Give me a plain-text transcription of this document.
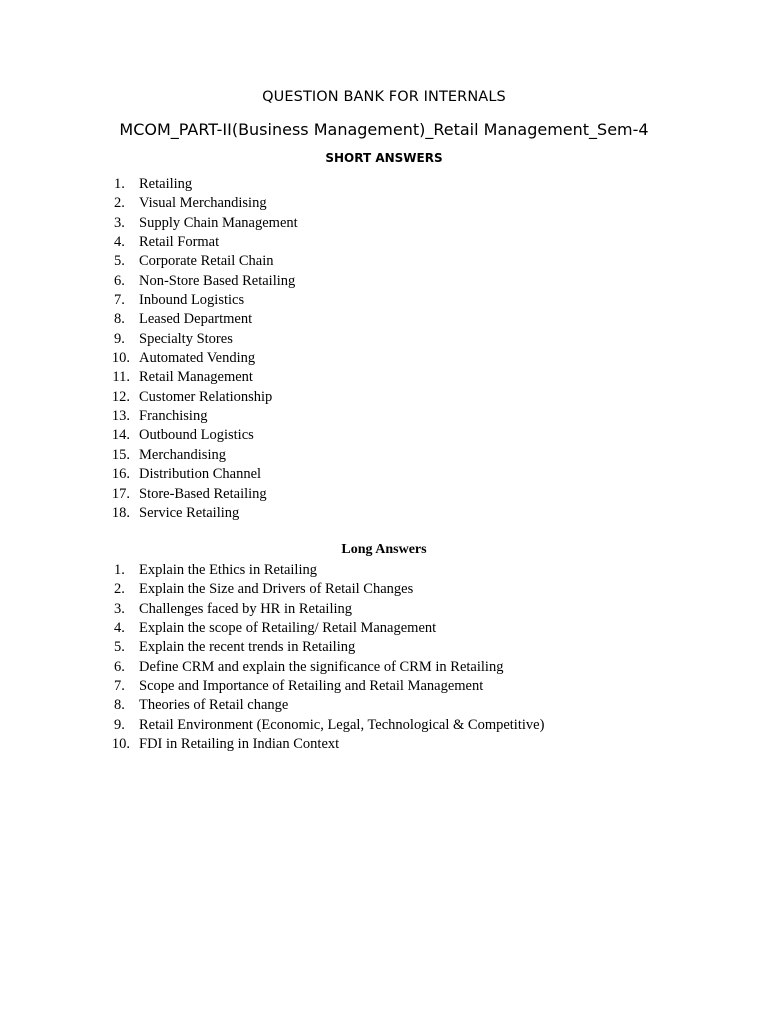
QUESTION BANK FOR INTERNALS
MCOM_PART-II(Business Management)_Retail Management_Sem-4
SHORT ANSWERS
1. Retailing
2. Visual Merchandising
3. Supply Chain Management
4. Retail Format
5. Corporate Retail Chain
6. Non-Store Based Retailing
7. Inbound Logistics
8. Leased Department
9. Specialty Stores
10. Automated Vending
11. Retail Management
12. Customer Relationship
13. Franchising
14. Outbound Logistics
15. Merchandising
16. Distribution Channel
17. Store-Based Retailing
18. Service Retailing
Long Answers
1. Explain the Ethics in Retailing
2. Explain the Size and Drivers of Retail Changes
3. Challenges faced by HR in Retailing
4. Explain the scope of Retailing/ Retail Management
5. Explain the recent trends in Retailing
6. Define CRM and explain the significance of CRM in Retailing
7. Scope and Importance of Retailing and Retail Management
8. Theories of Retail change
9. Retail Environment (Economic, Legal, Technological & Competitive)
10. FDI in Retailing in Indian Context
